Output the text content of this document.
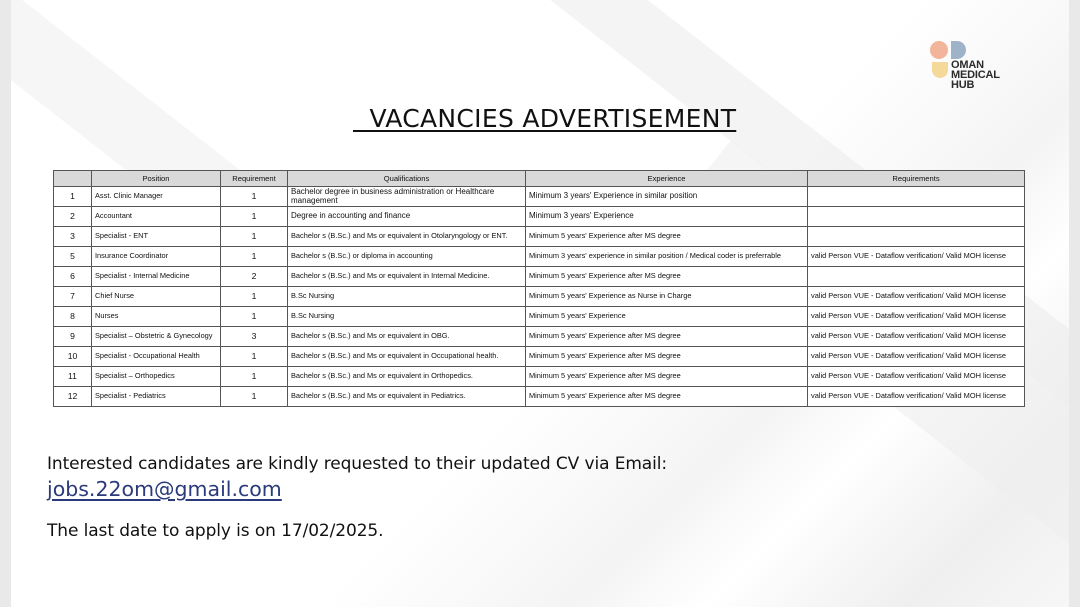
OMAN
MEDICAL
HUB
VACANCIES ADVERTISEMENT
	Position	Requirement	Qualifications	Experience	Requirements
1	Asst. Clinic Manager	1	Bachelor degree in business administration or Healthcare management	Minimum 3 years' Experience in similar position	
2	Accountant	1	Degree in accounting and finance	Minimum 3 years' Experience	
3	Specialist - ENT	1	Bachelor s (B.Sc.) and Ms or equivalent in Otolaryngology or ENT.	Minimum 5 years' Experience after MS degree	
5	Insurance Coordinator	1	Bachelor s (B.Sc.) or diploma in accounting	Minimum 3 years' experience in similar position / Medical coder is preferrable	valid Person VUE - Dataflow verification/ Valid MOH license
6	Specialist - Internal Medicine	2	Bachelor s (B.Sc.) and Ms or equivalent in Internal Medicine.	Minimum 5 years' Experience after MS degree	
7	Chief Nurse	1	B.Sc Nursing	Minimum 5 years' Experience as Nurse in Charge	valid Person VUE - Dataflow verification/ Valid MOH license
8	Nurses	1	B.Sc Nursing	Minimum 5 years' Experience	valid Person VUE - Dataflow verification/ Valid MOH license
9	Specialist – Obstetric & Gynecology	3	Bachelor s (B.Sc.) and Ms or equivalent in OBG.	Minimum 5 years' Experience after MS degree	valid Person VUE - Dataflow verification/ Valid MOH license
10	Specialist - Occupational Health	1	Bachelor s (B.Sc.) and Ms or equivalent in Occupational health.	Minimum 5 years' Experience after MS degree	valid Person VUE - Dataflow verification/ Valid MOH license
11	Specialist – Orthopedics	1	Bachelor s (B.Sc.) and Ms or equivalent in Orthopedics.	Minimum 5 years' Experience after MS degree	valid Person VUE - Dataflow verification/ Valid MOH license
12	Specialist - Pediatrics	1	Bachelor s (B.Sc.) and Ms or equivalent in Pediatrics.	Minimum 5 years' Experience after MS degree	valid Person VUE - Dataflow verification/ Valid MOH license
Interested candidates are kindly requested to their updated CV via Email:
jobs.22om@gmail.com
The last date to apply is on 17/02/2025.
